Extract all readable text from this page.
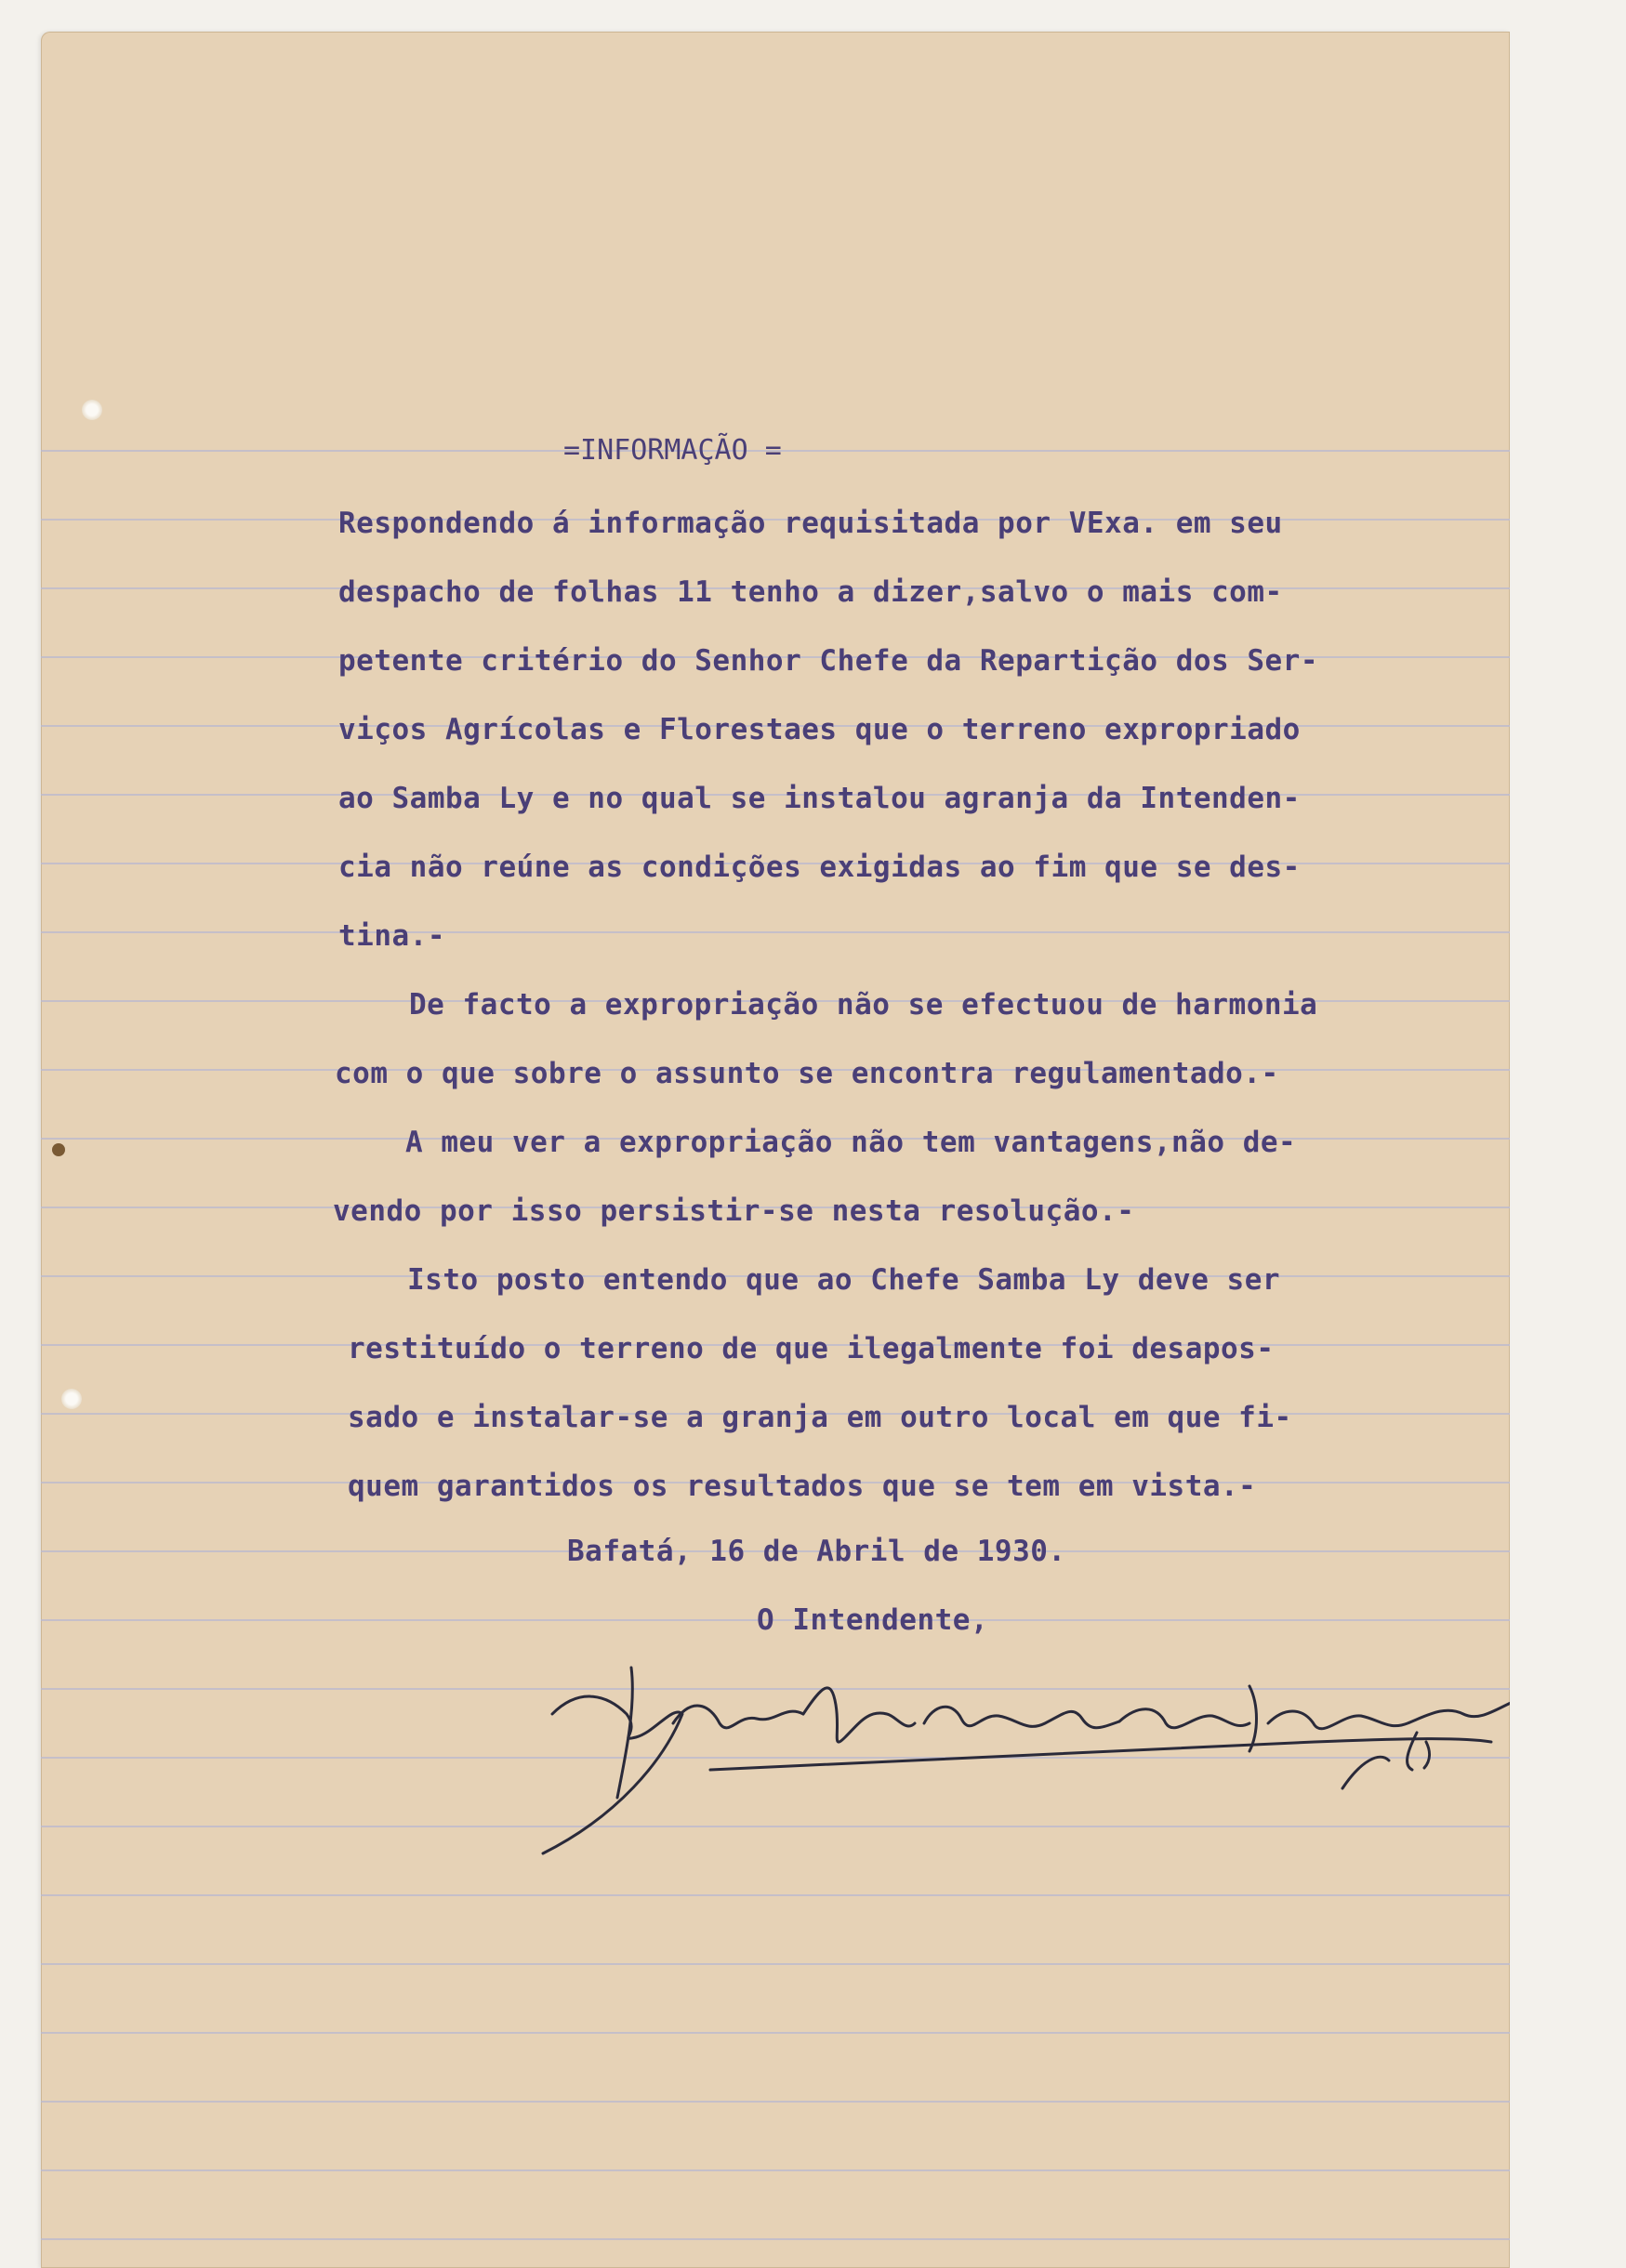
=INFORMAÇÃO =
Respondendo á informação requisitada por VExa. em seu
despacho de folhas 11 tenho a dizer,salvo o mais com-
petente critério do Senhor Chefe da Repartição dos Ser-
viços Agrícolas e Florestaes que o terreno expropriado
ao Samba Ly e no qual se instalou agranja da Intenden-
cia não reúne as condições exigidas ao fim que se des-
tina.-
De facto a expropriação não se efectuou de harmonia
com o que sobre o assunto se encontra regulamentado.-
A meu ver a expropriação não tem vantagens,não de-
vendo por isso persistir-se nesta resolução.-
Isto posto entendo que ao Chefe Samba Ly deve ser
restituído o terreno de que ilegalmente foi desapos-
sado e instalar-se a granja em outro local em que fi-
quem garantidos os resultados que se tem em vista.-
Bafatá, 16 de Abril de 1930.
O Intendente,
